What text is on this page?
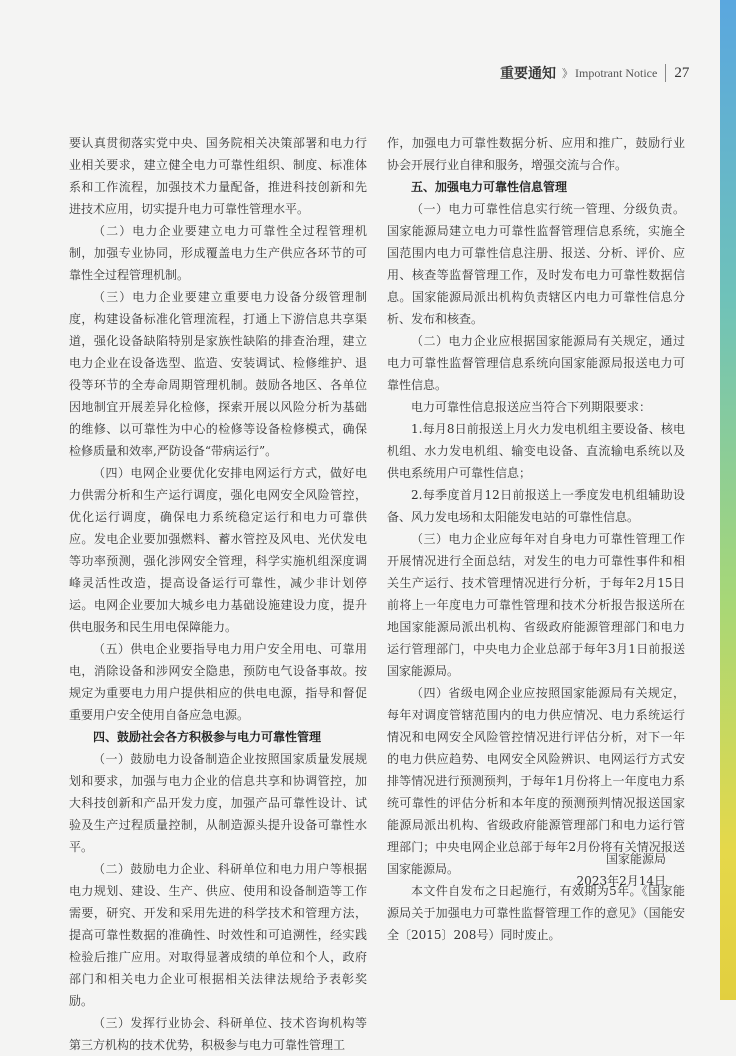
重要通知 》 Impotrant Notice 27

要认真贯彻落实党中央、国务院相关决策部署和电力行业相关要求，建立健全电力可靠性组织、制度、标准体系和工作流程，加强技术力量配备，推进科技创新和先进技术应用，切实提升电力可靠性管理水平。

（二）电力企业要建立电力可靠性全过程管理机制，加强专业协同，形成覆盖电力生产供应各环节的可靠性全过程管理机制。

（三）电力企业要建立重要电力设备分级管理制度，构建设备标准化管理流程，打通上下游信息共享渠道，强化设备缺陷特别是家族性缺陷的排查治理，建立电力企业在设备选型、监造、安装调试、检修维护、退役等环节的全寿命周期管理机制。鼓励各地区、各单位因地制宜开展差异化检修，探索开展以风险分析为基础的维修、以可靠性为中心的检修等设备检修模式，确保检修质量和效率,严防设备“带病运行”。

（四）电网企业要优化安排电网运行方式，做好电力供需分析和生产运行调度，强化电网安全风险管控，优化运行调度，确保电力系统稳定运行和电力可靠供应。发电企业要加强燃料、蓄水管控及风电、光伏发电等功率预测，强化涉网安全管理，科学实施机组深度调峰灵活性改造，提高设备运行可靠性，减少非计划停运。电网企业要加大城乡电力基础设施建设力度，提升供电服务和民生用电保障能力。

（五）供电企业要指导电力用户安全用电、可靠用电，消除设备和涉网安全隐患，预防电气设备事故。按规定为重要电力用户提供相应的供电电源，指导和督促重要用户安全使用自备应急电源。

四、鼓励社会各方积极参与电力可靠性管理

（一）鼓励电力设备制造企业按照国家质量发展规划和要求，加强与电力企业的信息共享和协调管控，加大科技创新和产品开发力度，加强产品可靠性设计、试验及生产过程质量控制，从制造源头提升设备可靠性水平。

（二）鼓励电力企业、科研单位和电力用户等根据电力规划、建设、生产、供应、使用和设备制造等工作需要，研究、开发和采用先进的科学技术和管理方法，提高可靠性数据的准确性、时效性和可追溯性，经实践检验后推广应用。对取得显著成绩的单位和个人，政府部门和相关电力企业可根据相关法律法规给予表彰奖励。

（三）发挥行业协会、科研单位、技术咨询机构等第三方机构的技术优势，积极参与电力可靠性管理工

作，加强电力可靠性数据分析、应用和推广，鼓励行业协会开展行业自律和服务，增强交流与合作。

五、加强电力可靠性信息管理

（一）电力可靠性信息实行统一管理、分级负责。国家能源局建立电力可靠性监督管理信息系统，实施全国范围内电力可靠性信息注册、报送、分析、评价、应用、核查等监督管理工作，及时发布电力可靠性数据信息。国家能源局派出机构负责辖区内电力可靠性信息分析、发布和核查。

（二）电力企业应根据国家能源局有关规定，通过电力可靠性监督管理信息系统向国家能源局报送电力可靠性信息。

电力可靠性信息报送应当符合下列期限要求：

1.每月8日前报送上月火力发电机组主要设备、核电机组、水力发电机组、输变电设备、直流输电系统以及供电系统用户可靠性信息；

2.每季度首月12日前报送上一季度发电机组辅助设备、风力发电场和太阳能发电站的可靠性信息。

（三）电力企业应每年对自身电力可靠性管理工作开展情况进行全面总结，对发生的电力可靠性事件和相关生产运行、技术管理情况进行分析，于每年2月15日前将上一年度电力可靠性管理和技术分析报告报送所在地国家能源局派出机构、省级政府能源管理部门和电力运行管理部门，中央电力企业总部于每年3月1日前报送国家能源局。

（四）省级电网企业应按照国家能源局有关规定，每年对调度管辖范围内的电力供应情况、电力系统运行情况和电网安全风险管控情况进行评估分析，对下一年的电力供应趋势、电网安全风险辨识、电网运行方式安排等情况进行预测预判，于每年1月份将上一年度电力系统可靠性的评估分析和本年度的预测预判情况报送国家能源局派出机构、省级政府能源管理部门和电力运行管理部门；中央电网企业总部于每年2月份将有关情况报送国家能源局。

本文件自发布之日起施行，有效期为5年。《国家能源局关于加强电力可靠性监督管理工作的意见》（国能安全〔2015〕208号）同时废止。

国家能源局
2023年2月14日
